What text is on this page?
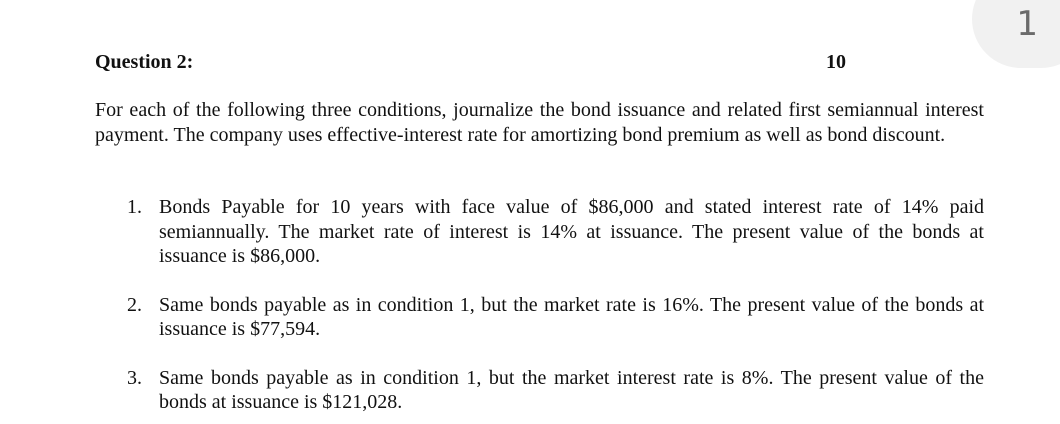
1
Question 2:	10

For each of the following three conditions, journalize the bond issuance and related first semiannual interest payment. The company uses effective-interest rate for amortizing bond premium as well as bond discount.

1. Bonds Payable for 10 years with face value of $86,000 and stated interest rate of 14% paid semiannually. The market rate of interest is 14% at issuance. The present value of the bonds at issuance is $86,000.
2. Same bonds payable as in condition 1, but the market rate is 16%. The present value of the bonds at issuance is $77,594.
3. Same bonds payable as in condition 1, but the market interest rate is 8%. The present value of the bonds at issuance is $121,028.
